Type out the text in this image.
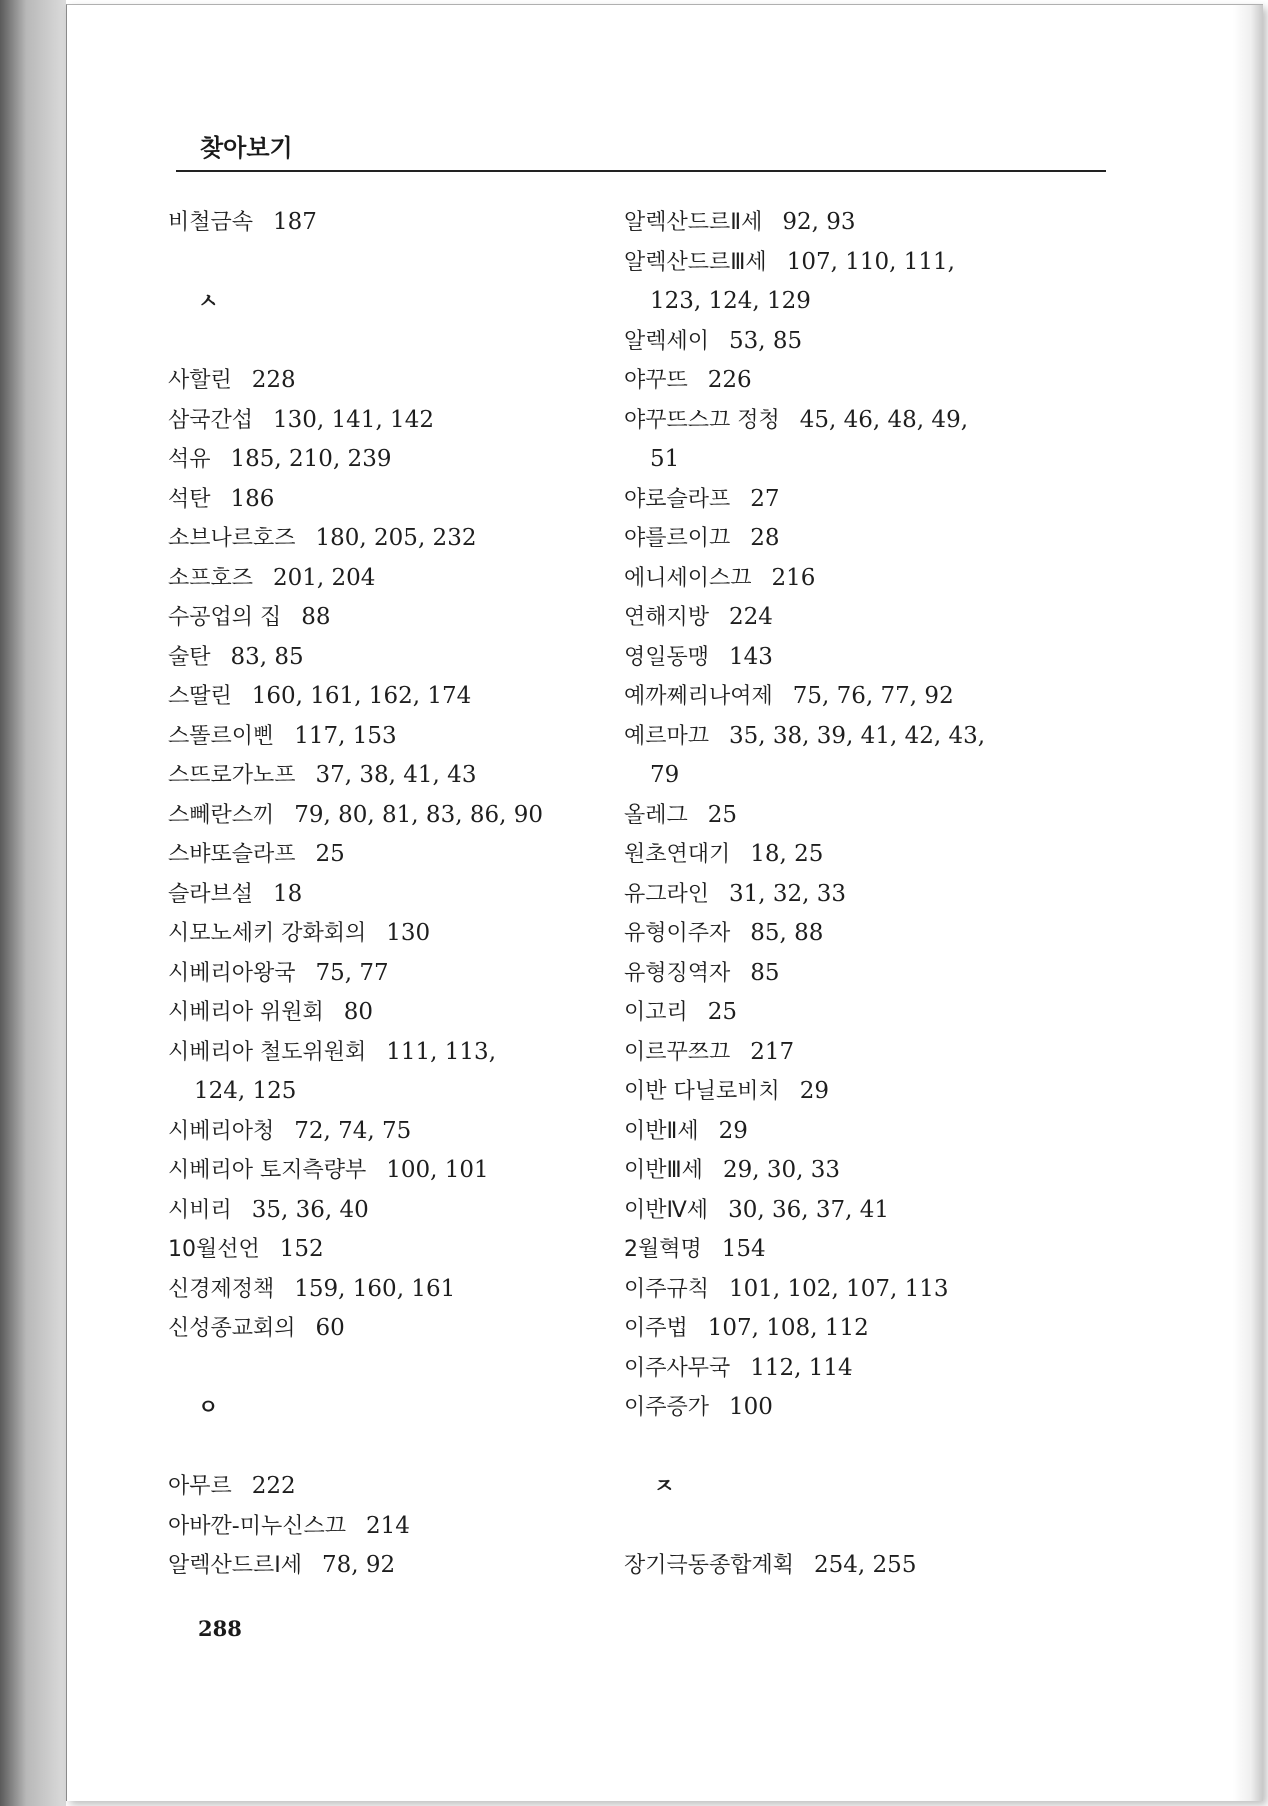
찾아보기
비철금속 187
ㅅ
사할린 228
삼국간섭 130, 141, 142
석유 185, 210, 239
석탄 186
소브나르호즈 180, 205, 232
소프호즈 201, 204
수공업의 집 88
술탄 83, 85
스딸린 160, 161, 162, 174
스똘르이삔 117, 153
스뜨로가노프 37, 38, 41, 43
스뻬란스끼 79, 80, 81, 83, 86, 90
스뱌또슬라프 25
슬라브설 18
시모노세키 강화회의 130
시베리아왕국 75, 77
시베리아 위원회 80
시베리아 철도위원회 111, 113,
124, 125
시베리아청 72, 74, 75
시베리아 토지측량부 100, 101
시비리 35, 36, 40
10월선언 152
신경제정책 159, 160, 161
신성종교회의 60
ㅇ
아무르 222
아바깐-미누신스끄 214
알렉산드르Ⅰ세 78, 92
알렉산드르Ⅱ세 92, 93
알렉산드르Ⅲ세 107, 110, 111,
123, 124, 129
알렉세이 53, 85
야꾸뜨 226
야꾸뜨스끄 정청 45, 46, 48, 49,
51
야로슬라프 27
야를르이끄 28
에니세이스끄 216
연해지방 224
영일동맹 143
예까쩨리나여제 75, 76, 77, 92
예르마끄 35, 38, 39, 41, 42, 43,
79
올레그 25
원초연대기 18, 25
유그라인 31, 32, 33
유형이주자 85, 88
유형징역자 85
이고리 25
이르꾸쯔끄 217
이반 다닐로비치 29
이반Ⅱ세 29
이반Ⅲ세 29, 30, 33
이반Ⅳ세 30, 36, 37, 41
2월혁명 154
이주규칙 101, 102, 107, 113
이주법 107, 108, 112
이주사무국 112, 114
이주증가 100
ㅈ
장기극동종합계획 254, 255
288
